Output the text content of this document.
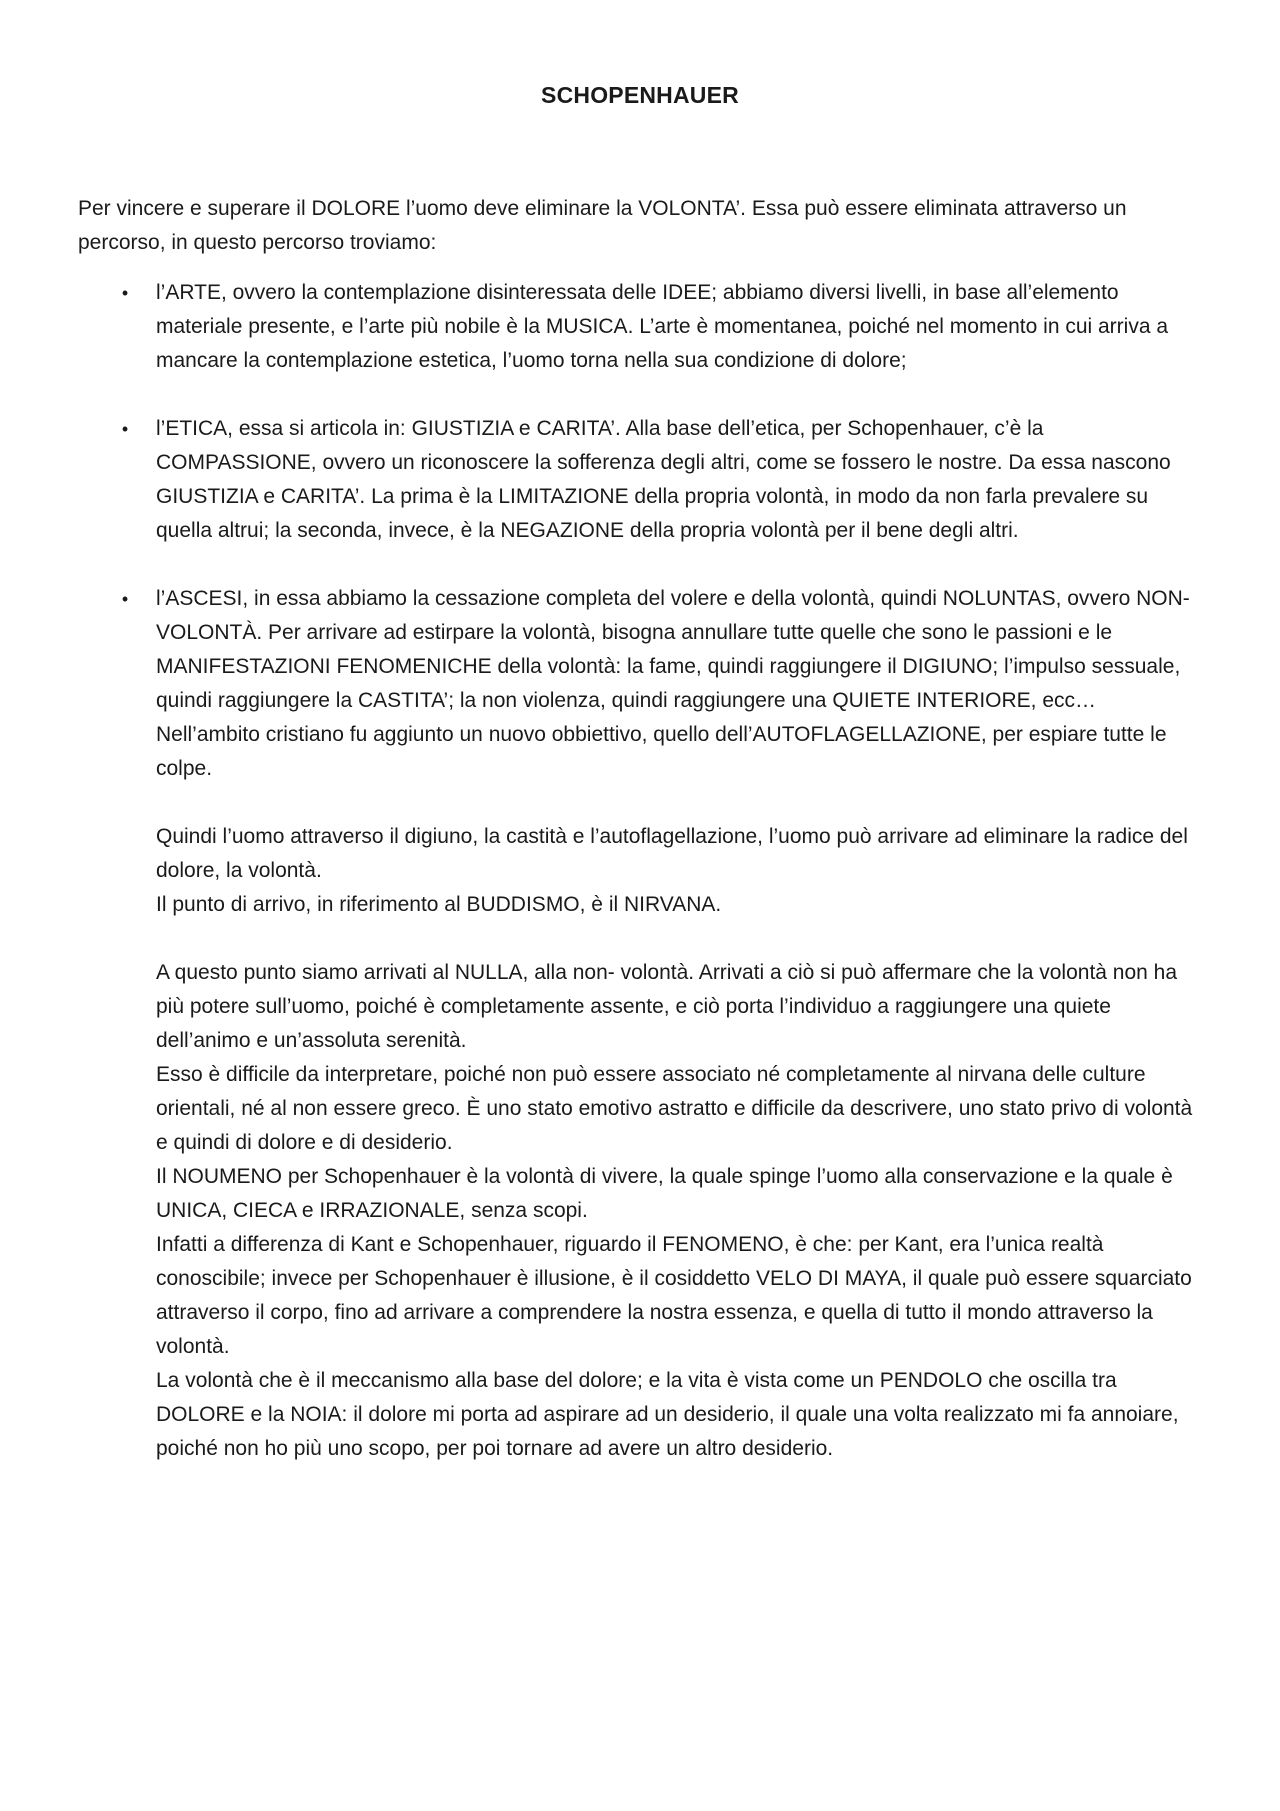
SCHOPENHAUER

Per vincere e superare il DOLORE l’uomo deve eliminare la VOLONTA’. Essa può essere eliminata attraverso un percorso, in questo percorso troviamo:

•	l’ARTE, ovvero la contemplazione disinteressata delle IDEE; abbiamo diversi livelli, in base all’elemento materiale presente, e l’arte più nobile è la MUSICA. L’arte è momentanea, poiché nel momento in cui arriva a mancare la contemplazione estetica, l’uomo torna nella sua condizione di dolore;

•	l’ETICA, essa si articola in: GIUSTIZIA e CARITA’. Alla base dell’etica, per Schopenhauer, c’è la COMPASSIONE, ovvero un riconoscere la sofferenza degli altri, come se fossero le nostre. Da essa nascono GIUSTIZIA e CARITA’. La prima è la LIMITAZIONE della propria volontà, in modo da non farla prevalere su quella altrui; la seconda, invece, è la NEGAZIONE della propria volontà per il bene degli altri.

•	l’ASCESI, in essa abbiamo la cessazione completa del volere e della volontà, quindi NOLUNTAS, ovvero NON-VOLONTÀ. Per arrivare ad estirpare la volontà, bisogna annullare tutte quelle che sono le passioni e le MANIFESTAZIONI FENOMENICHE della volontà: la fame, quindi raggiungere il DIGIUNO; l’impulso sessuale, quindi raggiungere la CASTITA’; la non violenza, quindi raggiungere una QUIETE INTERIORE, ecc…

Nell’ambito cristiano fu aggiunto un nuovo obbiettivo, quello dell’AUTOFLAGELLAZIONE, per espiare tutte le colpe.

Quindi l’uomo attraverso il digiuno, la castità e l’autoflagellazione, l’uomo può arrivare ad eliminare la radice del dolore, la volontà.

Il punto di arrivo, in riferimento al BUDDISMO, è il NIRVANA.

A questo punto siamo arrivati al NULLA, alla non- volontà. Arrivati a ciò si può affermare che la volontà non ha più potere sull’uomo, poiché è completamente assente, e ciò porta l’individuo a raggiungere una quiete dell’animo e un’assoluta serenità.

Esso è difficile da interpretare, poiché non può essere associato né completamente al nirvana delle culture orientali, né al non essere greco. È uno stato emotivo astratto e difficile da descrivere, uno stato privo di volontà e quindi di dolore e di desiderio.

Il NOUMENO per Schopenhauer è la volontà di vivere, la quale spinge l’uomo alla conservazione e la quale è UNICA, CIECA e IRRAZIONALE, senza scopi.

Infatti a differenza di Kant e Schopenhauer, riguardo il FENOMENO, è che: per Kant, era l’unica realtà conoscibile; invece per Schopenhauer è illusione, è il cosiddetto VELO DI MAYA, il quale può essere squarciato attraverso il corpo, fino ad arrivare a comprendere la nostra essenza, e quella di tutto il mondo attraverso la volontà.

La volontà che è il meccanismo alla base del dolore; e la vita è vista come un PENDOLO che oscilla tra DOLORE e la NOIA: il dolore mi porta ad aspirare ad un desiderio, il quale una volta realizzato mi fa annoiare, poiché non ho più uno scopo, per poi tornare ad avere un altro desiderio.
